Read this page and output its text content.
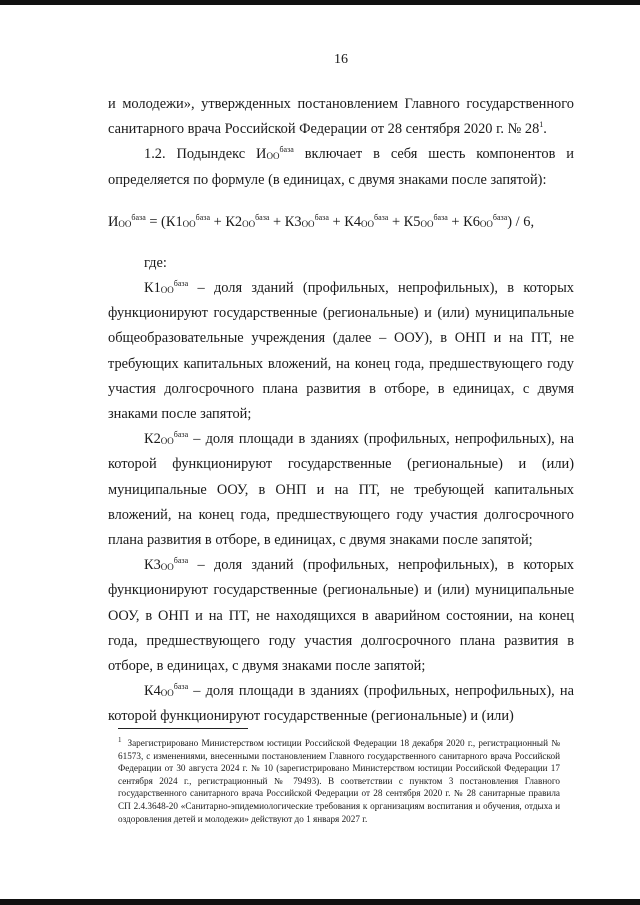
16

и молодежи», утвержденных постановлением Главного государственного санитарного врача Российской Федерации от 28 сентября 2020 г. № $28^1$.

1.2. Подындекс $И_{ОО}^{база}$ включает в себя шесть компонентов и определяется по формуле (в единицах, с двумя знаками после запятой):

$И_{ОО}^{база} = (К1_{ОО}^{база} + К2_{ОО}^{база} + К3_{ОО}^{база} + К4_{ОО}^{база} + К5_{ОО}^{база} + К6_{ОО}^{база}) / 6$,

где:

$К1_{ОО}^{база}$ – доля зданий (профильных, непрофильных), в которых функционируют государственные (региональные) и (или) муниципальные общеобразовательные учреждения (далее – ООУ), в ОНП и на ПТ, не требующих капитальных вложений, на конец года, предшествующего году участия долгосрочного плана развития в отборе, в единицах, с двумя знаками после запятой;

$К2_{ОО}^{база}$ – доля площади в зданиях (профильных, непрофильных), на которой функционируют государственные (региональные) и (или) муниципальные ООУ, в ОНП и на ПТ, не требующей капитальных вложений, на конец года, предшествующего году участия долгосрочного плана развития в отборе, в единицах, с двумя знаками после запятой;

$К3_{ОО}^{база}$ – доля зданий (профильных, непрофильных), в которых функционируют государственные (региональные) и (или) муниципальные ООУ, в ОНП и на ПТ, не находящихся в аварийном состоянии, на конец года, предшествующего году участия долгосрочного плана развития в отборе, в единицах, с двумя знаками после запятой;

$К4_{ОО}^{база}$ – доля площади в зданиях (профильных, непрофильных), на которой функционируют государственные (региональные) и (или)

$^1$ Зарегистрировано Министерством юстиции Российской Федерации 18 декабря 2020 г., регистрационный № 61573, с изменениями, внесенными постановлением Главного государственного санитарного врача Российской Федерации от 30 августа 2024 г. № 10 (зарегистрировано Министерством юстиции Российской Федерации 17 сентября 2024 г., регистрационный № 79493). В соответствии с пунктом 3 постановления Главного государственного санитарного врача Российской Федерации от 28 сентября 2020 г. № 28 санитарные правила СП 2.4.3648-20 «Санитарно-эпидемиологические требования к организациям воспитания и обучения, отдыха и оздоровления детей и молодежи» действуют до 1 января 2027 г.
